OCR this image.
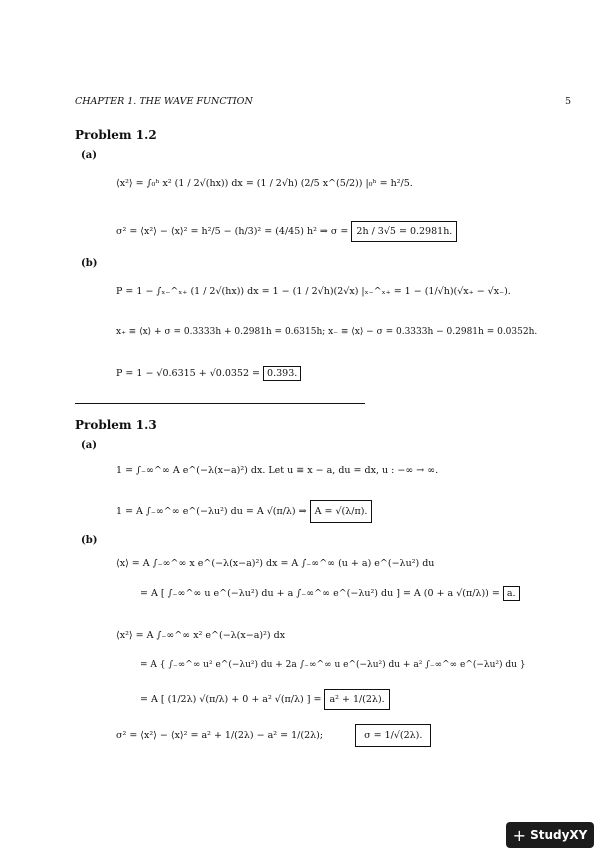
CHAPTER 1. THE WAVE FUNCTION	5
Problem 1.2
(a)
⟨x²⟩ = ∫₀ʰ x² (1 / 2√(hx)) dx = (1 / 2√h) (2/5 x^(5/2)) |₀ʰ = h²/5.
σ² = ⟨x²⟩ − ⟨x⟩² = h²/5 − (h/3)² = (4/45) h² ⇒ σ = 2h / 3√5 = 0.2981h.
(b)
P = 1 − ∫ₓ₋^ₓ₊ (1 / 2√(hx)) dx = 1 − (1 / 2√h)(2√x) |ₓ₋^ₓ₊ = 1 − (1/√h)(√x₊ − √x₋).
x₊ ≡ ⟨x⟩ + σ = 0.3333h + 0.2981h = 0.6315h; x₋ ≡ ⟨x⟩ − σ = 0.3333h − 0.2981h = 0.0352h.
P = 1 − √0.6315 + √0.0352 = 0.393.
Problem 1.3
(a)
1 = ∫₋∞^∞ A e^(−λ(x−a)²) dx. Let u ≡ x − a, du = dx, u : −∞ → ∞.
1 = A ∫₋∞^∞ e^(−λu²) du = A √(π/λ) ⇒ A = √(λ/π).
(b)
⟨x⟩ = A ∫₋∞^∞ x e^(−λ(x−a)²) dx = A ∫₋∞^∞ (u + a) e^(−λu²) du
= A [ ∫₋∞^∞ u e^(−λu²) du + a ∫₋∞^∞ e^(−λu²) du ] = A (0 + a √(π/λ)) = a.
⟨x²⟩ = A ∫₋∞^∞ x² e^(−λ(x−a)²) dx
= A { ∫₋∞^∞ u² e^(−λu²) du + 2a ∫₋∞^∞ u e^(−λu²) du + a² ∫₋∞^∞ e^(−λu²) du }
= A [ (1/2λ) √(π/λ) + 0 + a² √(π/λ) ] = a² + 1/(2λ).
σ² = ⟨x²⟩ − ⟨x⟩² = a² + 1/(2λ) − a² = 1/(2λ);	σ = 1/√(2λ).
+ StudyXY
